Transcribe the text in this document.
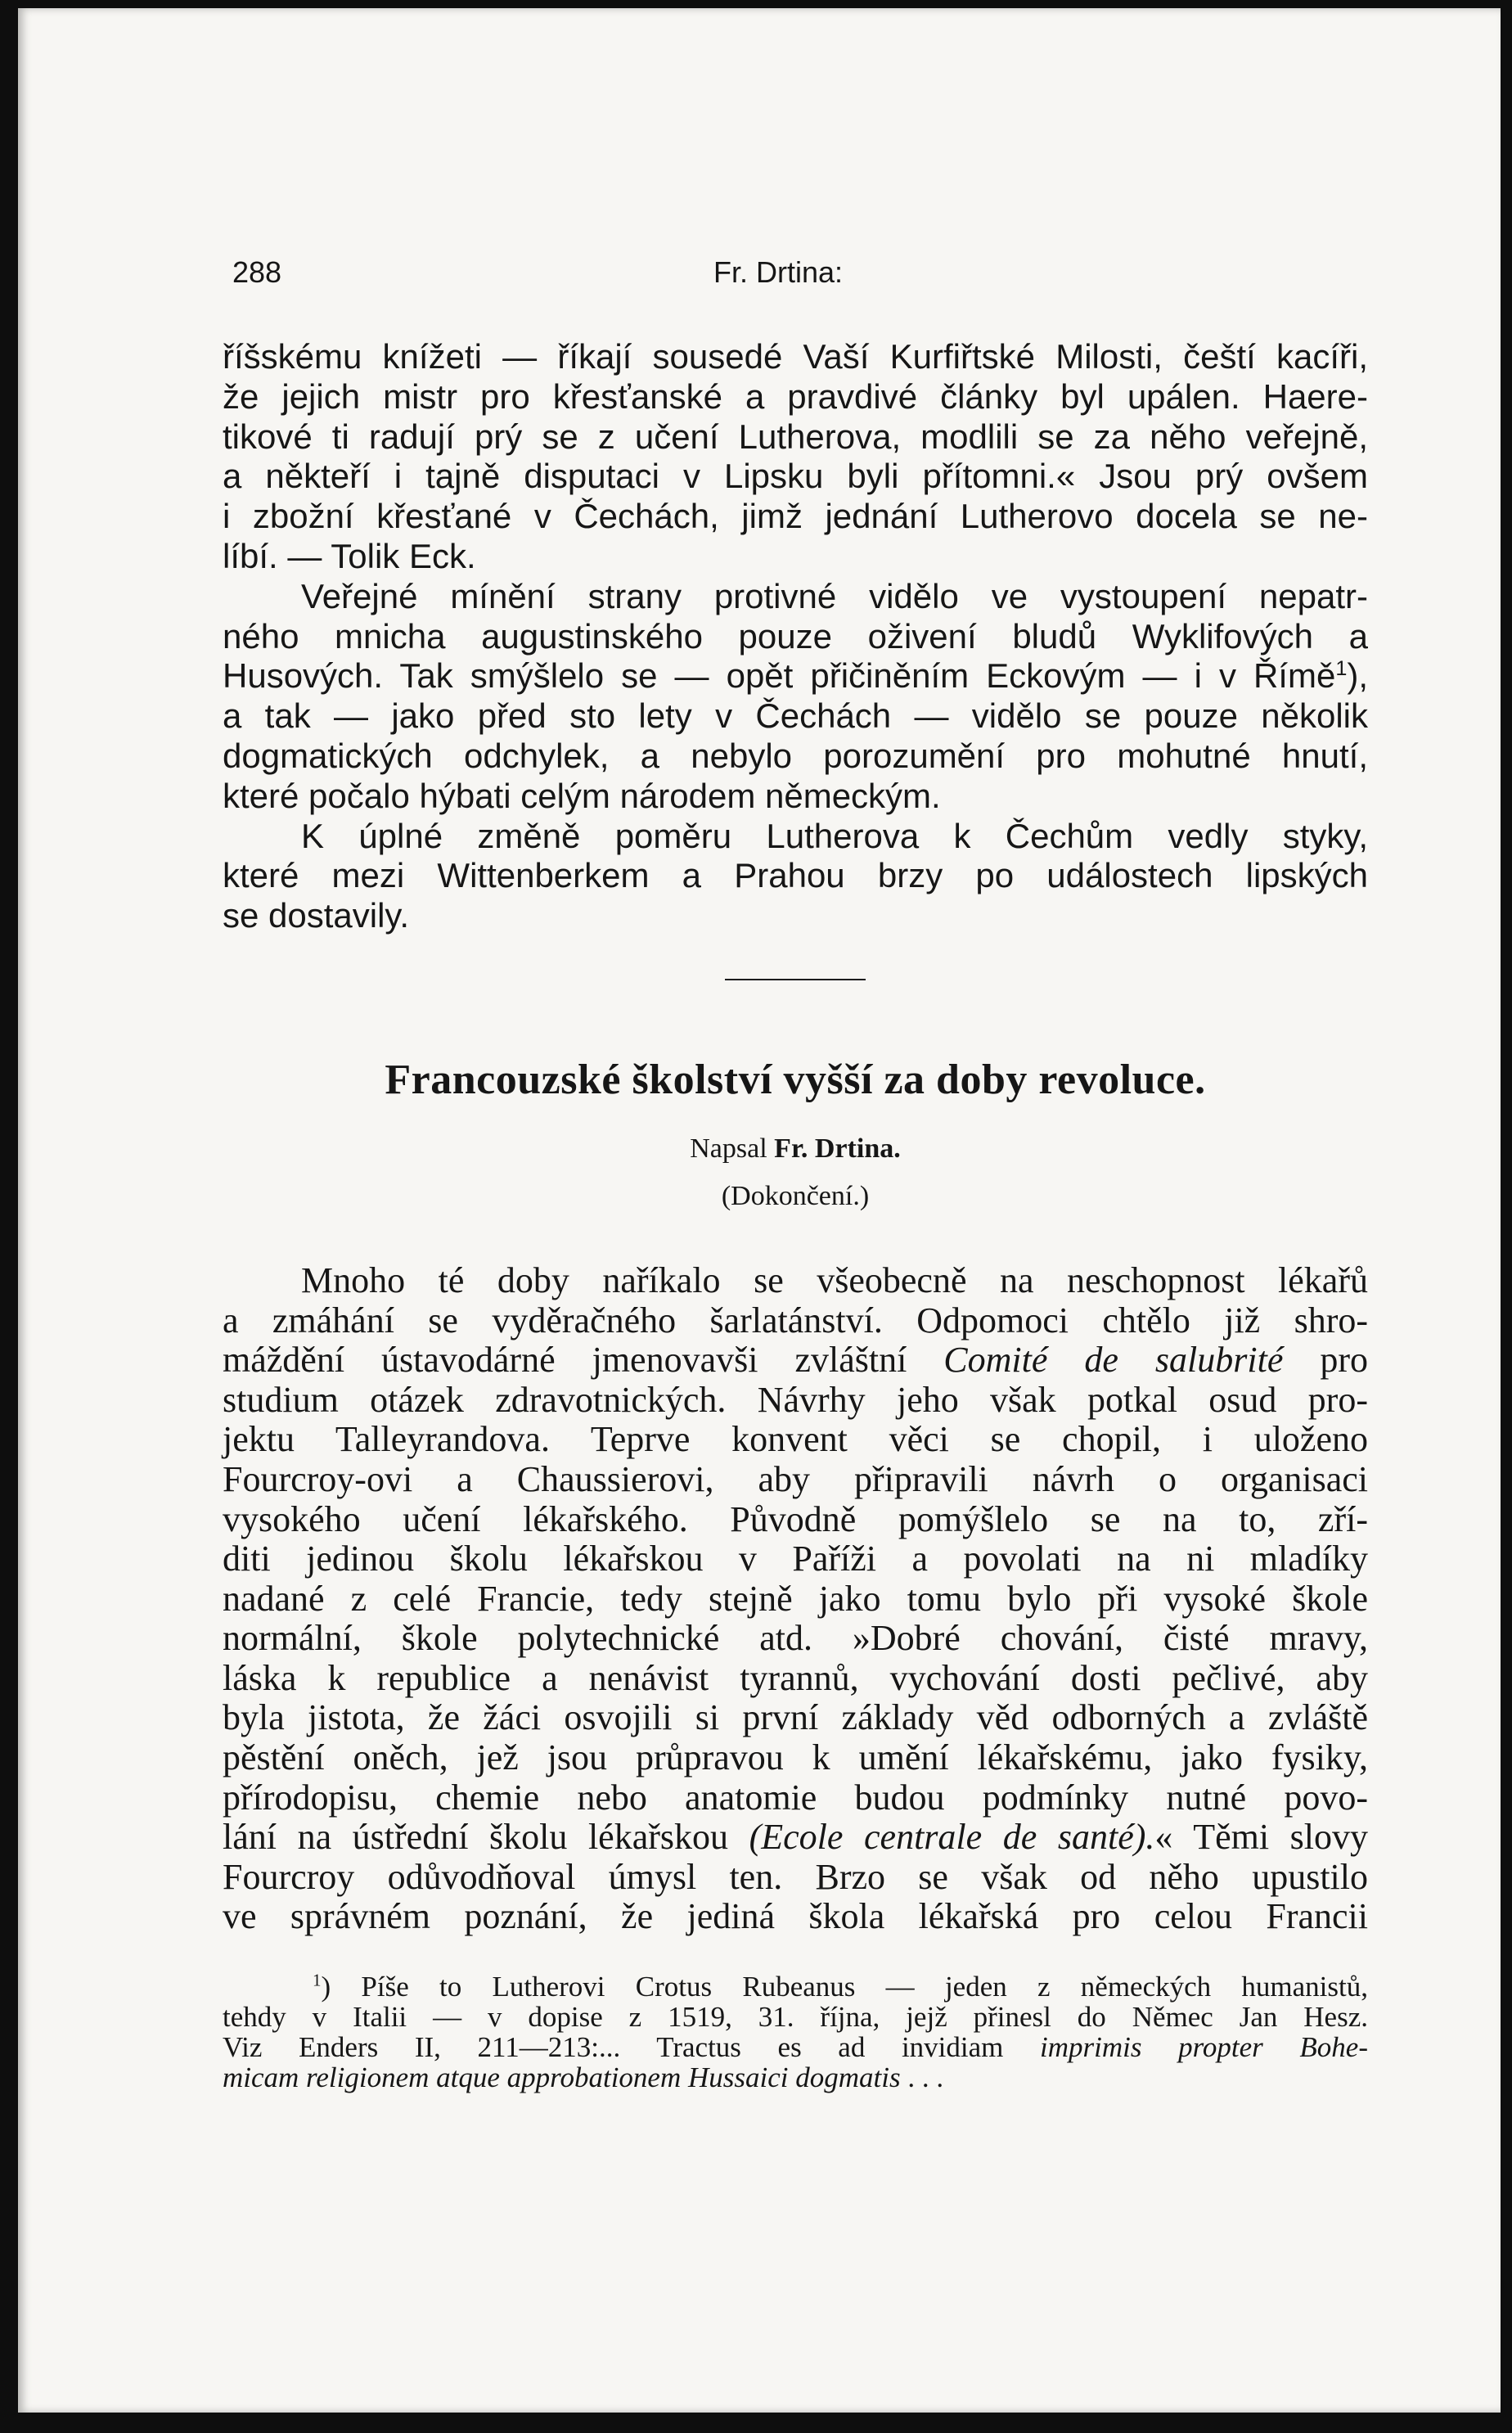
288	Fr. Drtina:
říšskému knížeti — říkají sousedé Vaší Kurfiřtské Milosti, čeští kacíři,
že jejich mistr pro křesťanské a pravdivé články byl upálen. Haere-
tikové ti radují prý se z učení Lutherova, modlili se za něho veřejně,
a někteří i tajně disputaci v Lipsku byli přítomni.« Jsou prý ovšem
i zbožní křesťané v Čechách, jimž jednání Lutherovo docela se ne-
líbí. — Tolik Eck.
Veřejné mínění strany protivné vidělo ve vystoupení nepatr-
ného mnicha augustinského pouze oživení bludů Wyklifových a
Husových. Tak smýšlelo se — opět přičiněním Eckovým — i v Římě$^1$),
a tak — jako před sto lety v Čechách — vidělo se pouze několik
dogmatických odchylek, a nebylo porozumění pro mohutné hnutí,
které počalo hýbati celým národem německým.
K úplné změně poměru Lutherova k Čechům vedly styky,
které mezi Wittenberkem a Prahou brzy po událostech lipských
se dostavily.
Francouzské školství vyšší za doby revoluce.
Napsal Fr. Drtina.
(Dokončení.)
Mnoho té doby naříkalo se všeobecně na neschopnost lékařů
a zmáhání se vyděračného šarlatánství. Odpomoci chtělo již shro-
máždění ústavodárné jmenovavši zvláštní Comité de salubrité pro
studium otázek zdravotnických. Návrhy jeho však potkal osud pro-
jektu Talleyrandova. Teprve konvent věci se chopil, i uloženo
Fourcroy-ovi a Chaussierovi, aby připravili návrh o organisaci
vysokého učení lékařského. Původně pomýšlelo se na to, zří-
diti jedinou školu lékařskou v Paříži a povolati na ni mladíky
nadané z celé Francie, tedy stejně jako tomu bylo při vysoké škole
normální, škole polytechnické atd. »Dobré chování, čisté mravy,
láska k republice a nenávist tyrannů, vychování dosti pečlivé, aby
byla jistota, že žáci osvojili si první základy věd odborných a zvláště
pěstění oněch, jež jsou průpravou k umění lékařskému, jako fysiky,
přírodopisu, chemie nebo anatomie budou podmínky nutné povo-
lání na ústřední školu lékařskou (Ecole centrale de santé).« Těmi slovy
Fourcroy odůvodňoval úmysl ten. Brzo se však od něho upustilo
ve správném poznání, že jediná škola lékařská pro celou Francii
$^1$) Píše to Lutherovi Crotus Rubeanus — jeden z německých humanistů,
tehdy v Italii — v dopise z 1519, 31. října, jejž přinesl do Němec Jan Hesz.
Viz Enders II, 211—213:... Tractus es ad invidiam imprimis propter Bohe-
micam religionem atque approbationem Hussaici dogmatis . . .
